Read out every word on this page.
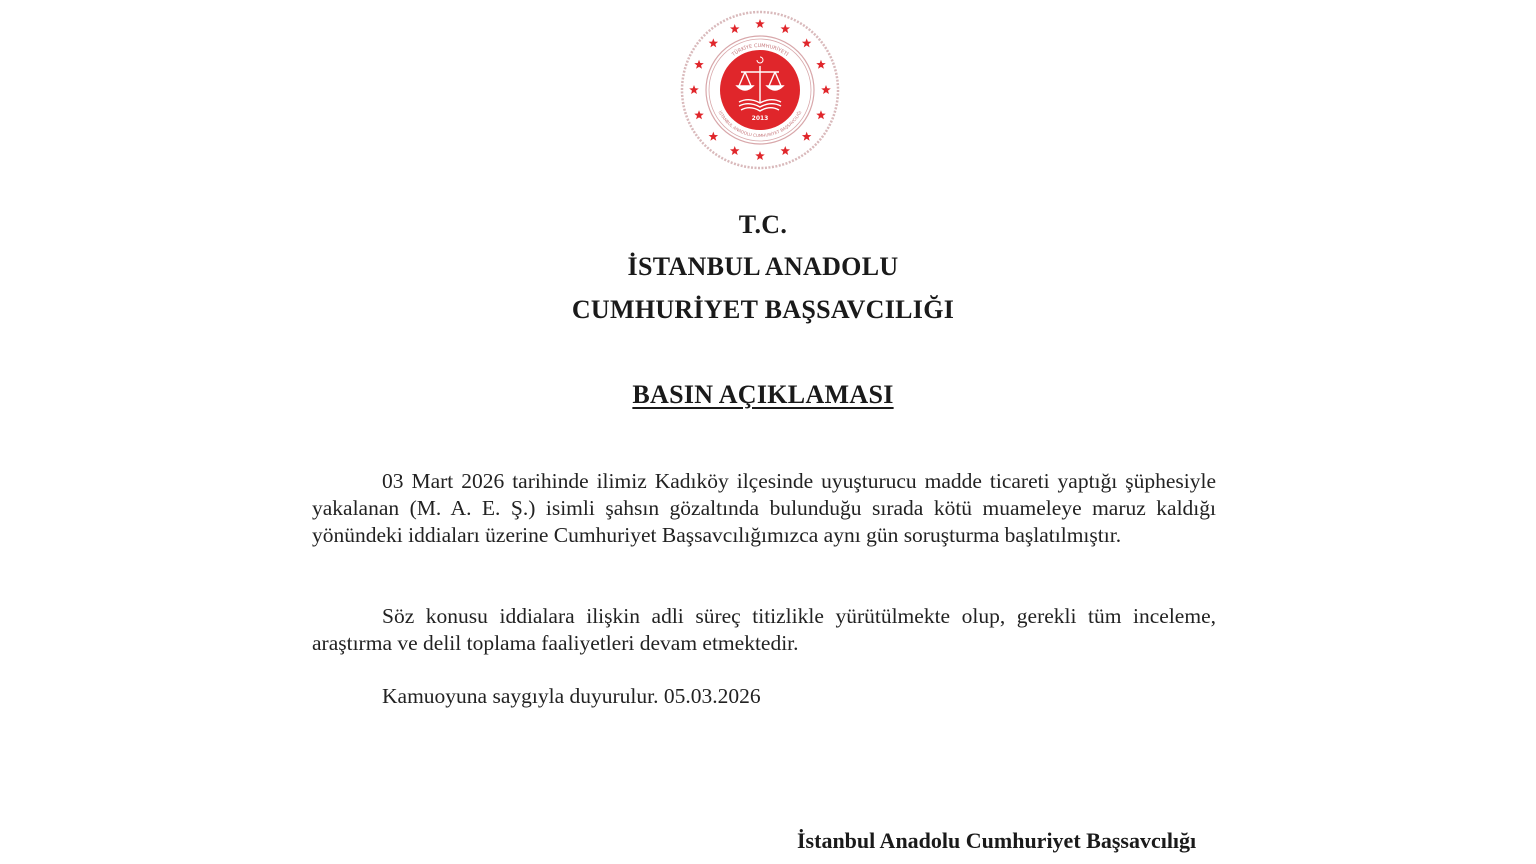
TÜRKİYE CUMHURİYETİ
İSTANBUL ANADOLU CUMHURİYET BAŞSAVCILIĞI
2013
T.C.
İSTANBUL ANADOLU
CUMHURİYET BAŞSAVCILIĞI
BASIN AÇIKLAMASI
03 Mart 2026 tarihinde ilimiz Kadıköy ilçesinde uyuşturucu madde ticareti yaptığı şüphesiyle yakalanan (M. A. E. Ş.) isimli şahsın gözaltında bulunduğu sırada kötü muameleye maruz kaldığı yönündeki iddiaları üzerine Cumhuriyet Başsavcılığımızca aynı gün soruşturma başlatılmıştır.
Söz konusu iddialara ilişkin adli süreç titizlikle yürütülmekte olup, gerekli tüm inceleme, araştırma ve delil toplama faaliyetleri devam etmektedir.
Kamuoyuna saygıyla duyurulur. 05.03.2026
İstanbul Anadolu Cumhuriyet Başsavcılığı
